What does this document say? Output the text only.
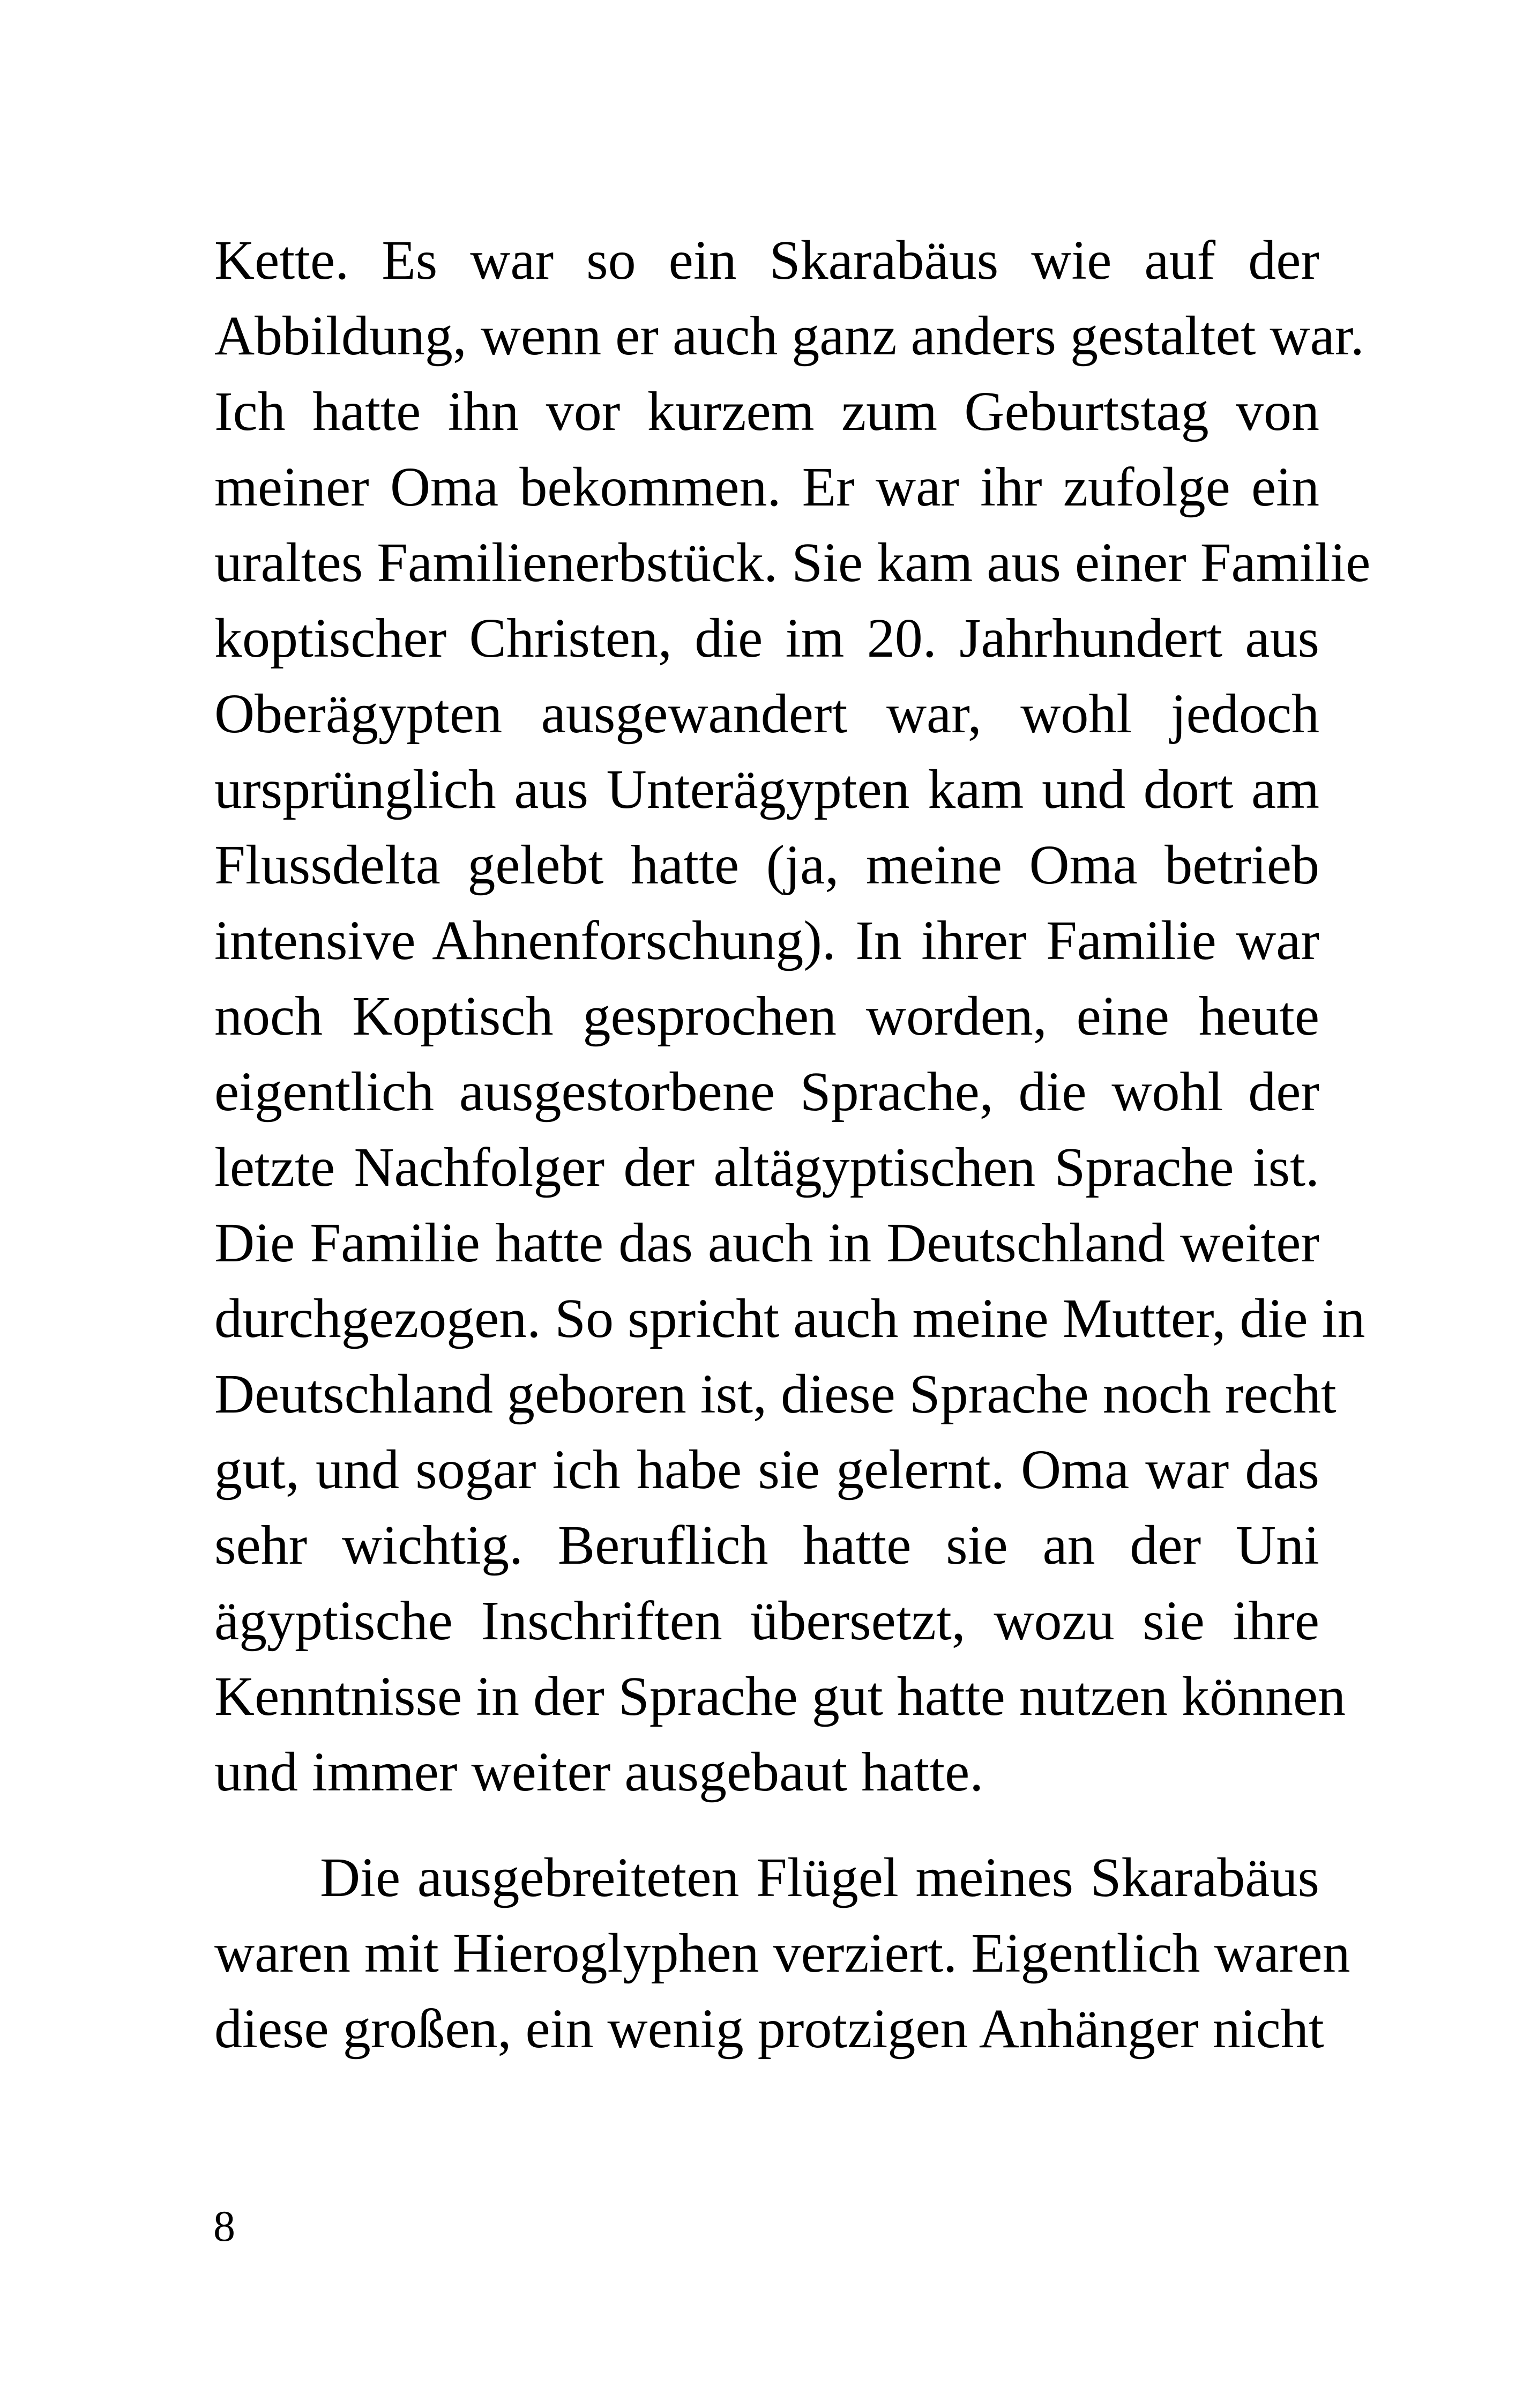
Kette. Es war so ein Skarabäus wie auf der
Abbildung, wenn er auch ganz anders gestaltet war.
Ich hatte ihn vor kurzem zum Geburtstag von
meiner Oma bekommen. Er war ihr zufolge ein
uraltes Familienerbstück. Sie kam aus einer Familie
koptischer Christen, die im 20. Jahrhundert aus
Oberägypten ausgewandert war, wohl jedoch
ursprünglich aus Unterägypten kam und dort am
Flussdelta gelebt hatte (ja, meine Oma betrieb
intensive Ahnenforschung). In ihrer Familie war
noch Koptisch gesprochen worden, eine heute
eigentlich ausgestorbene Sprache, die wohl der
letzte Nachfolger der altägyptischen Sprache ist.
Die Familie hatte das auch in Deutschland weiter
durchgezogen. So spricht auch meine Mutter, die in
Deutschland geboren ist, diese Sprache noch recht
gut, und sogar ich habe sie gelernt. Oma war das
sehr wichtig. Beruflich hatte sie an der Uni
ägyptische Inschriften übersetzt, wozu sie ihre
Kenntnisse in der Sprache gut hatte nutzen können
und immer weiter ausgebaut hatte.

Die ausgebreiteten Flügel meines Skarabäus
waren mit Hieroglyphen verziert. Eigentlich waren
diese großen, ein wenig protzigen Anhänger nicht

8
